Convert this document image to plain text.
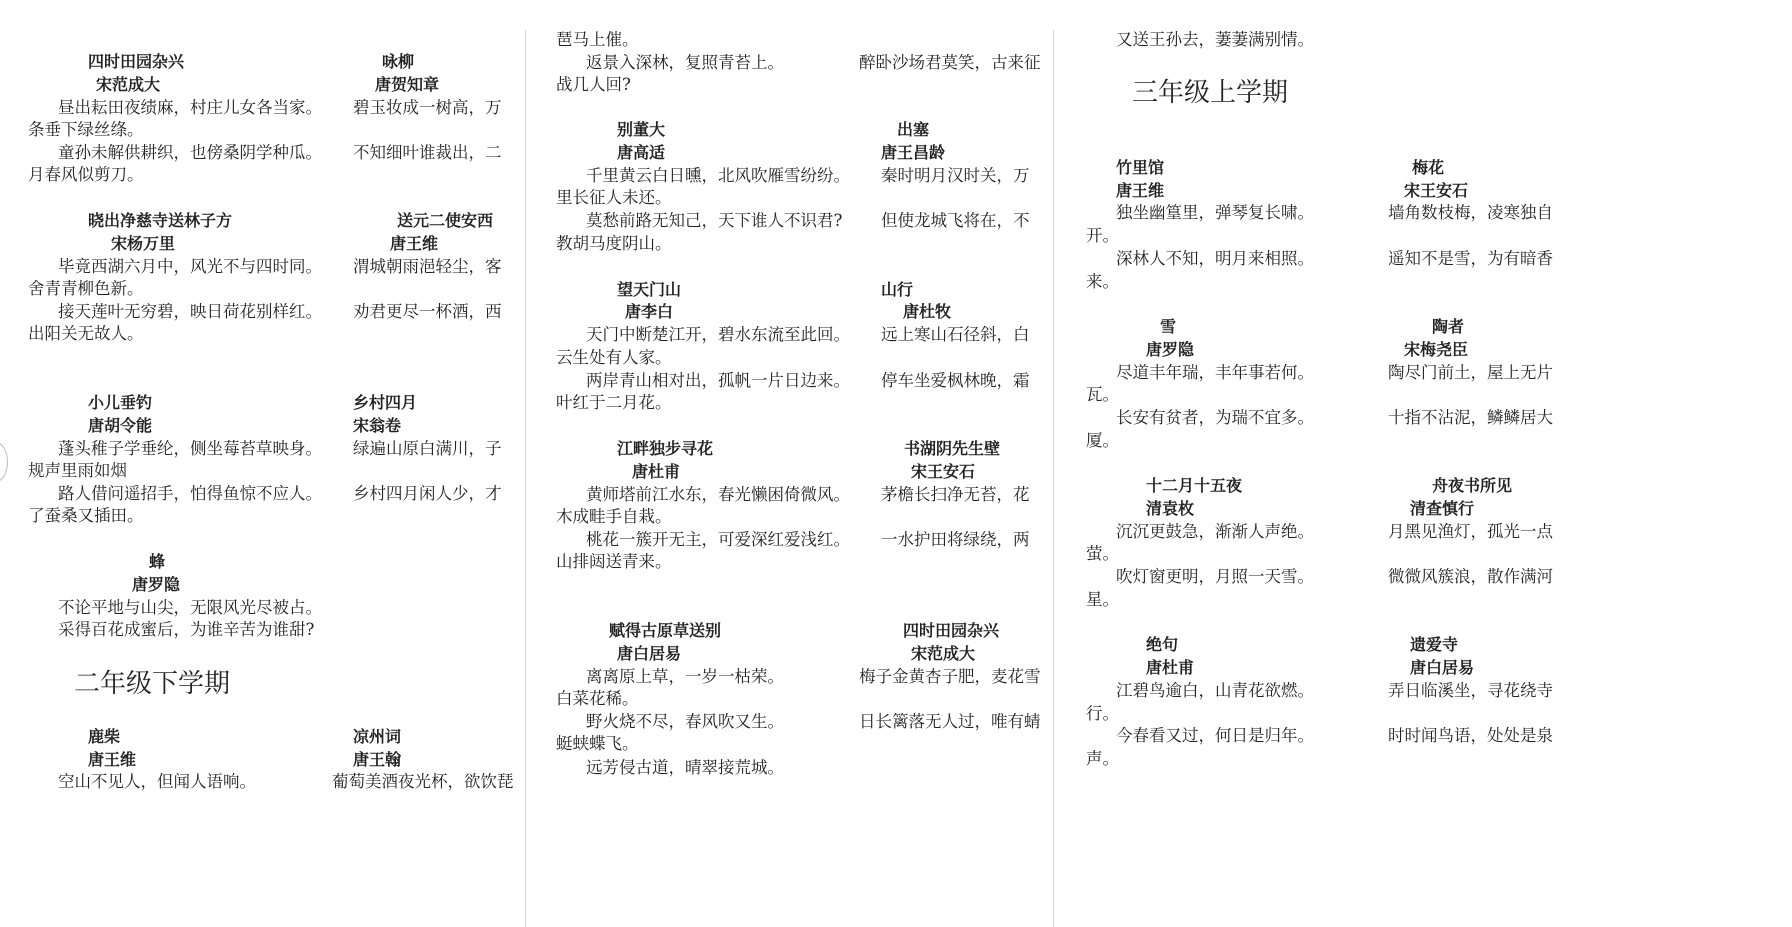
四时田园杂兴
宋范成大
昼出耘田夜绩麻，村庄儿女各当家。
条垂下绿丝绦。
童孙未解供耕织，也傍桑阴学种瓜。
月春风似剪刀。
咏柳
唐贺知章
碧玉妆成一树高，万
不知细叶谁裁出，二
晓出净慈寺送林子方
宋杨万里
毕竟西湖六月中，风光不与四时同。
舍青青柳色新。
接天莲叶无穷碧，映日荷花别样红。
出阳关无故人。
送元二使安西
唐王维
渭城朝雨浥轻尘，客
劝君更尽一杯酒，西
小儿垂钓
唐胡令能
蓬头稚子学垂纶，侧坐莓苔草映身。
规声里雨如烟
路人借问遥招手，怕得鱼惊不应人。
了蚕桑又插田。
乡村四月
宋翁卷
绿遍山原白满川，子
乡村四月闲人少，才
蜂
唐罗隐
不论平地与山尖，无限风光尽被占。
采得百花成蜜后，为谁辛苦为谁甜?
二年级下学期
鹿柴
唐王维
空山不见人，但闻人语响。
凉州词
唐王翰
葡萄美酒夜光杯，欲饮琵
琶马上催。
返景入深林，复照青苔上。	醉卧沙场君莫笑，古来征
战几人回?
别董大
唐高适
千里黄云白日曛，北风吹雁雪纷纷。
里长征人未还。
莫愁前路无知己，天下谁人不识君?
教胡马度阴山。
出塞
唐王昌龄
秦时明月汉时关，万
但使龙城飞将在，不
望天门山
唐李白
天门中断楚江开，碧水东流至此回。
云生处有人家。
两岸青山相对出，孤帆一片日边来。
叶红于二月花。
山行
唐杜牧
远上寒山石径斜，白
停车坐爱枫林晚，霜
江畔独步寻花
唐杜甫
黄师塔前江水东，春光懒困倚微风。
木成畦手自栽。
桃花一簇开无主，可爱深红爱浅红。
山排闼送青来。
书湖阴先生壁
宋王安石
茅檐长扫净无苔，花
一水护田将绿绕，两
赋得古原草送别
唐白居易
离离原上草，一岁一枯荣。
白菜花稀。
野火烧不尽，春风吹又生。
蜓蛱蝶飞。
远芳侵古道，晴翠接荒城。
四时田园杂兴
宋范成大
梅子金黄杏子肥，麦花雪
日长篱落无人过，唯有蜻
又送王孙去，萋萋满别情。
三年级上学期
竹里馆
唐王维
独坐幽篁里，弹琴复长啸。
开。
深林人不知，明月来相照。
来。
梅花
宋王安石
墙角数枝梅，凌寒独自
遥知不是雪，为有暗香
雪
唐罗隐
尽道丰年瑞，丰年事若何。
瓦。
长安有贫者，为瑞不宜多。
厦。
陶者
宋梅尧臣
陶尽门前土，屋上无片
十指不沾泥，鳞鳞居大
十二月十五夜
清袁枚
沉沉更鼓急，渐渐人声绝。
萤。
吹灯窗更明，月照一天雪。
星。
舟夜书所见
清查慎行
月黑见渔灯，孤光一点
微微风簇浪，散作满河
绝句
唐杜甫
江碧鸟逾白，山青花欲燃。
行。
今春看又过，何日是归年。
声。
遗爱寺
唐白居易
弄日临溪坐，寻花绕寺
时时闻鸟语，处处是泉
